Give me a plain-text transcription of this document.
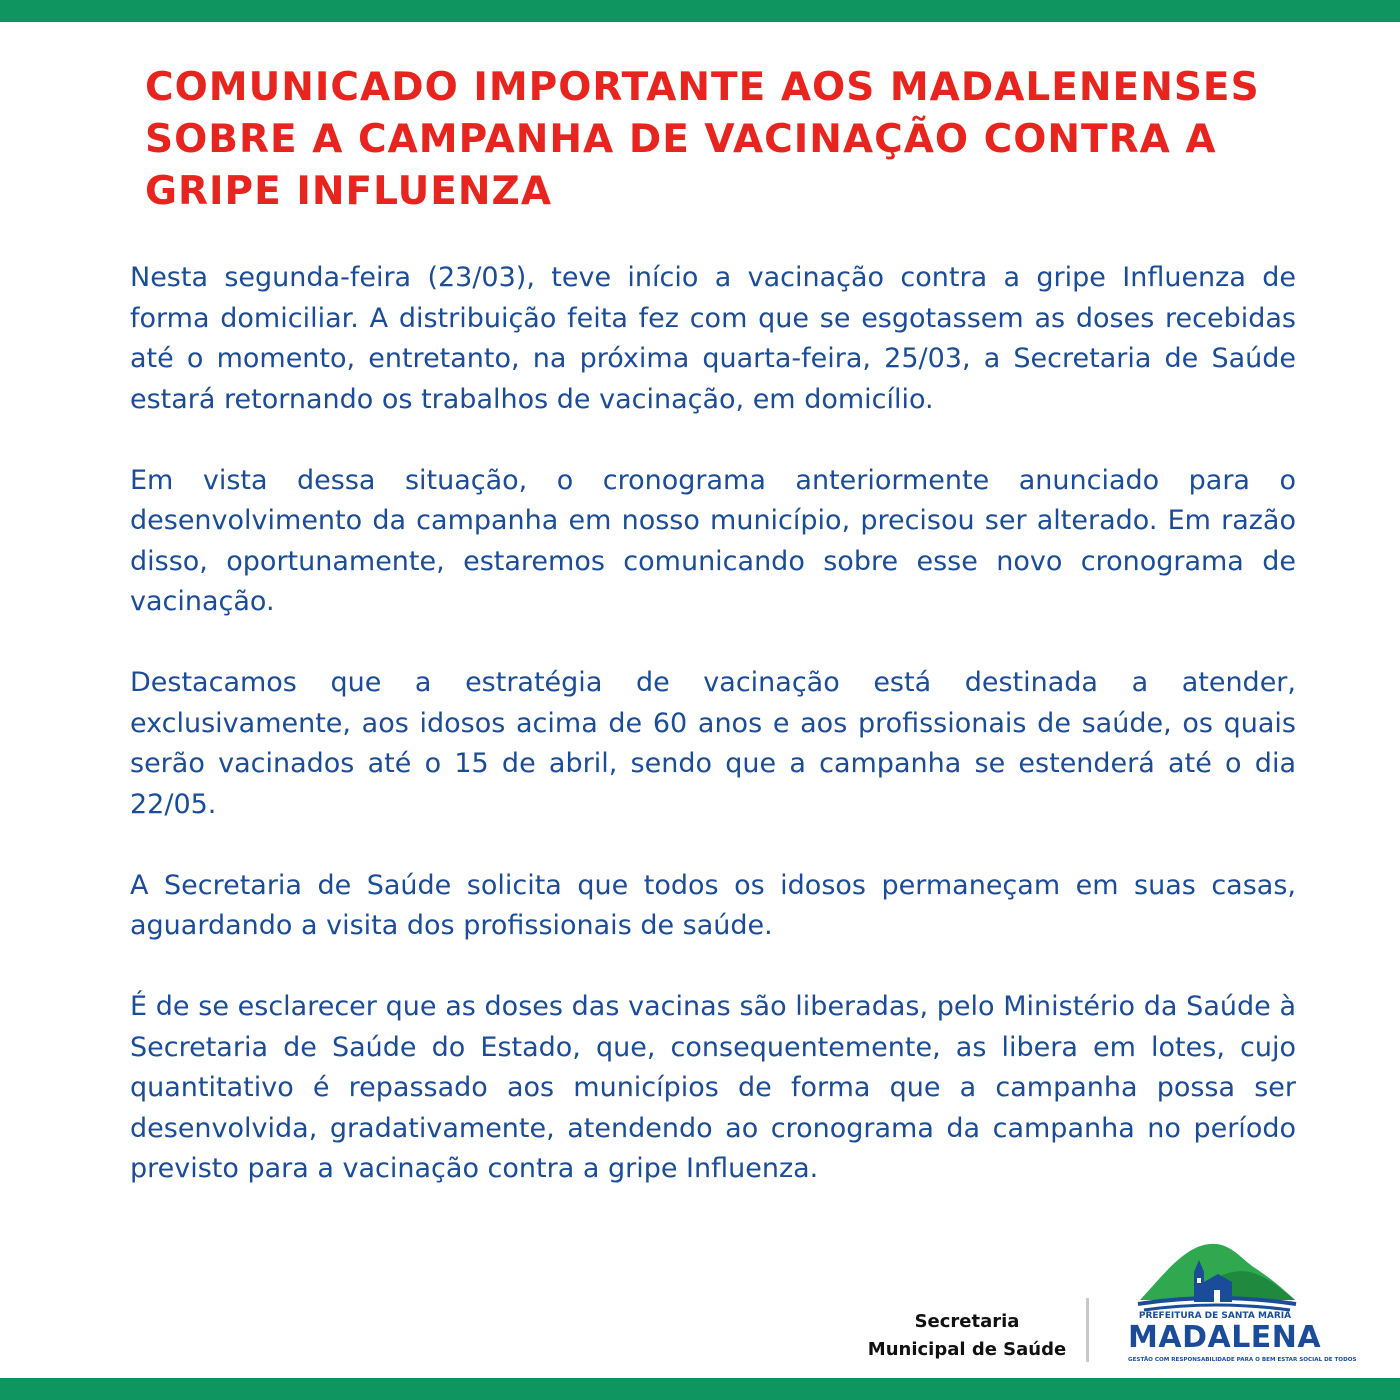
COMUNICADO IMPORTANTE AOS MADALENENSES
SOBRE A CAMPANHA DE VACINAÇÃO CONTRA A
GRIPE INFLUENZA

Nesta segunda-feira (23/03), teve início a vacinação contra a gripe Influenza de forma domiciliar. A distribuição feita fez com que se esgotassem as doses recebidas até o momento, entretanto, na próxima quarta-feira, 25/03, a Secretaria de Saúde estará retornando os trabalhos de vacinação, em domicílio.

Em vista dessa situação, o cronograma anteriormente anunciado para o desenvolvimento da campanha em nosso município, precisou ser alterado. Em razão disso, oportunamente, estaremos comunicando sobre esse novo cronograma de vacinação.

Destacamos que a estratégia de vacinação está destinada a atender, exclusivamente, aos idosos acima de 60 anos e aos profissionais de saúde, os quais serão vacinados até o 15 de abril, sendo que a campanha se estenderá até o dia 22/05.

A Secretaria de Saúde solicita que todos os idosos permaneçam em suas casas, aguardando a visita dos profissionais de saúde.

É de se esclarecer que as doses das vacinas são liberadas, pelo Ministério da Saúde à Secretaria de Saúde do Estado, que, consequentemente, as libera em lotes, cujo quantitativo é repassado aos municípios de forma que a campanha possa ser desenvolvida, gradativamente, atendendo ao cronograma da campanha no período previsto para a vacinação contra a gripe Influenza.

Secretaria
Municipal de Saúde
PREFEITURA DE SANTA MARIA
MADALENA
GESTÃO COM RESPONSABILIDADE PARA O BEM ESTAR SOCIAL DE TODOS
